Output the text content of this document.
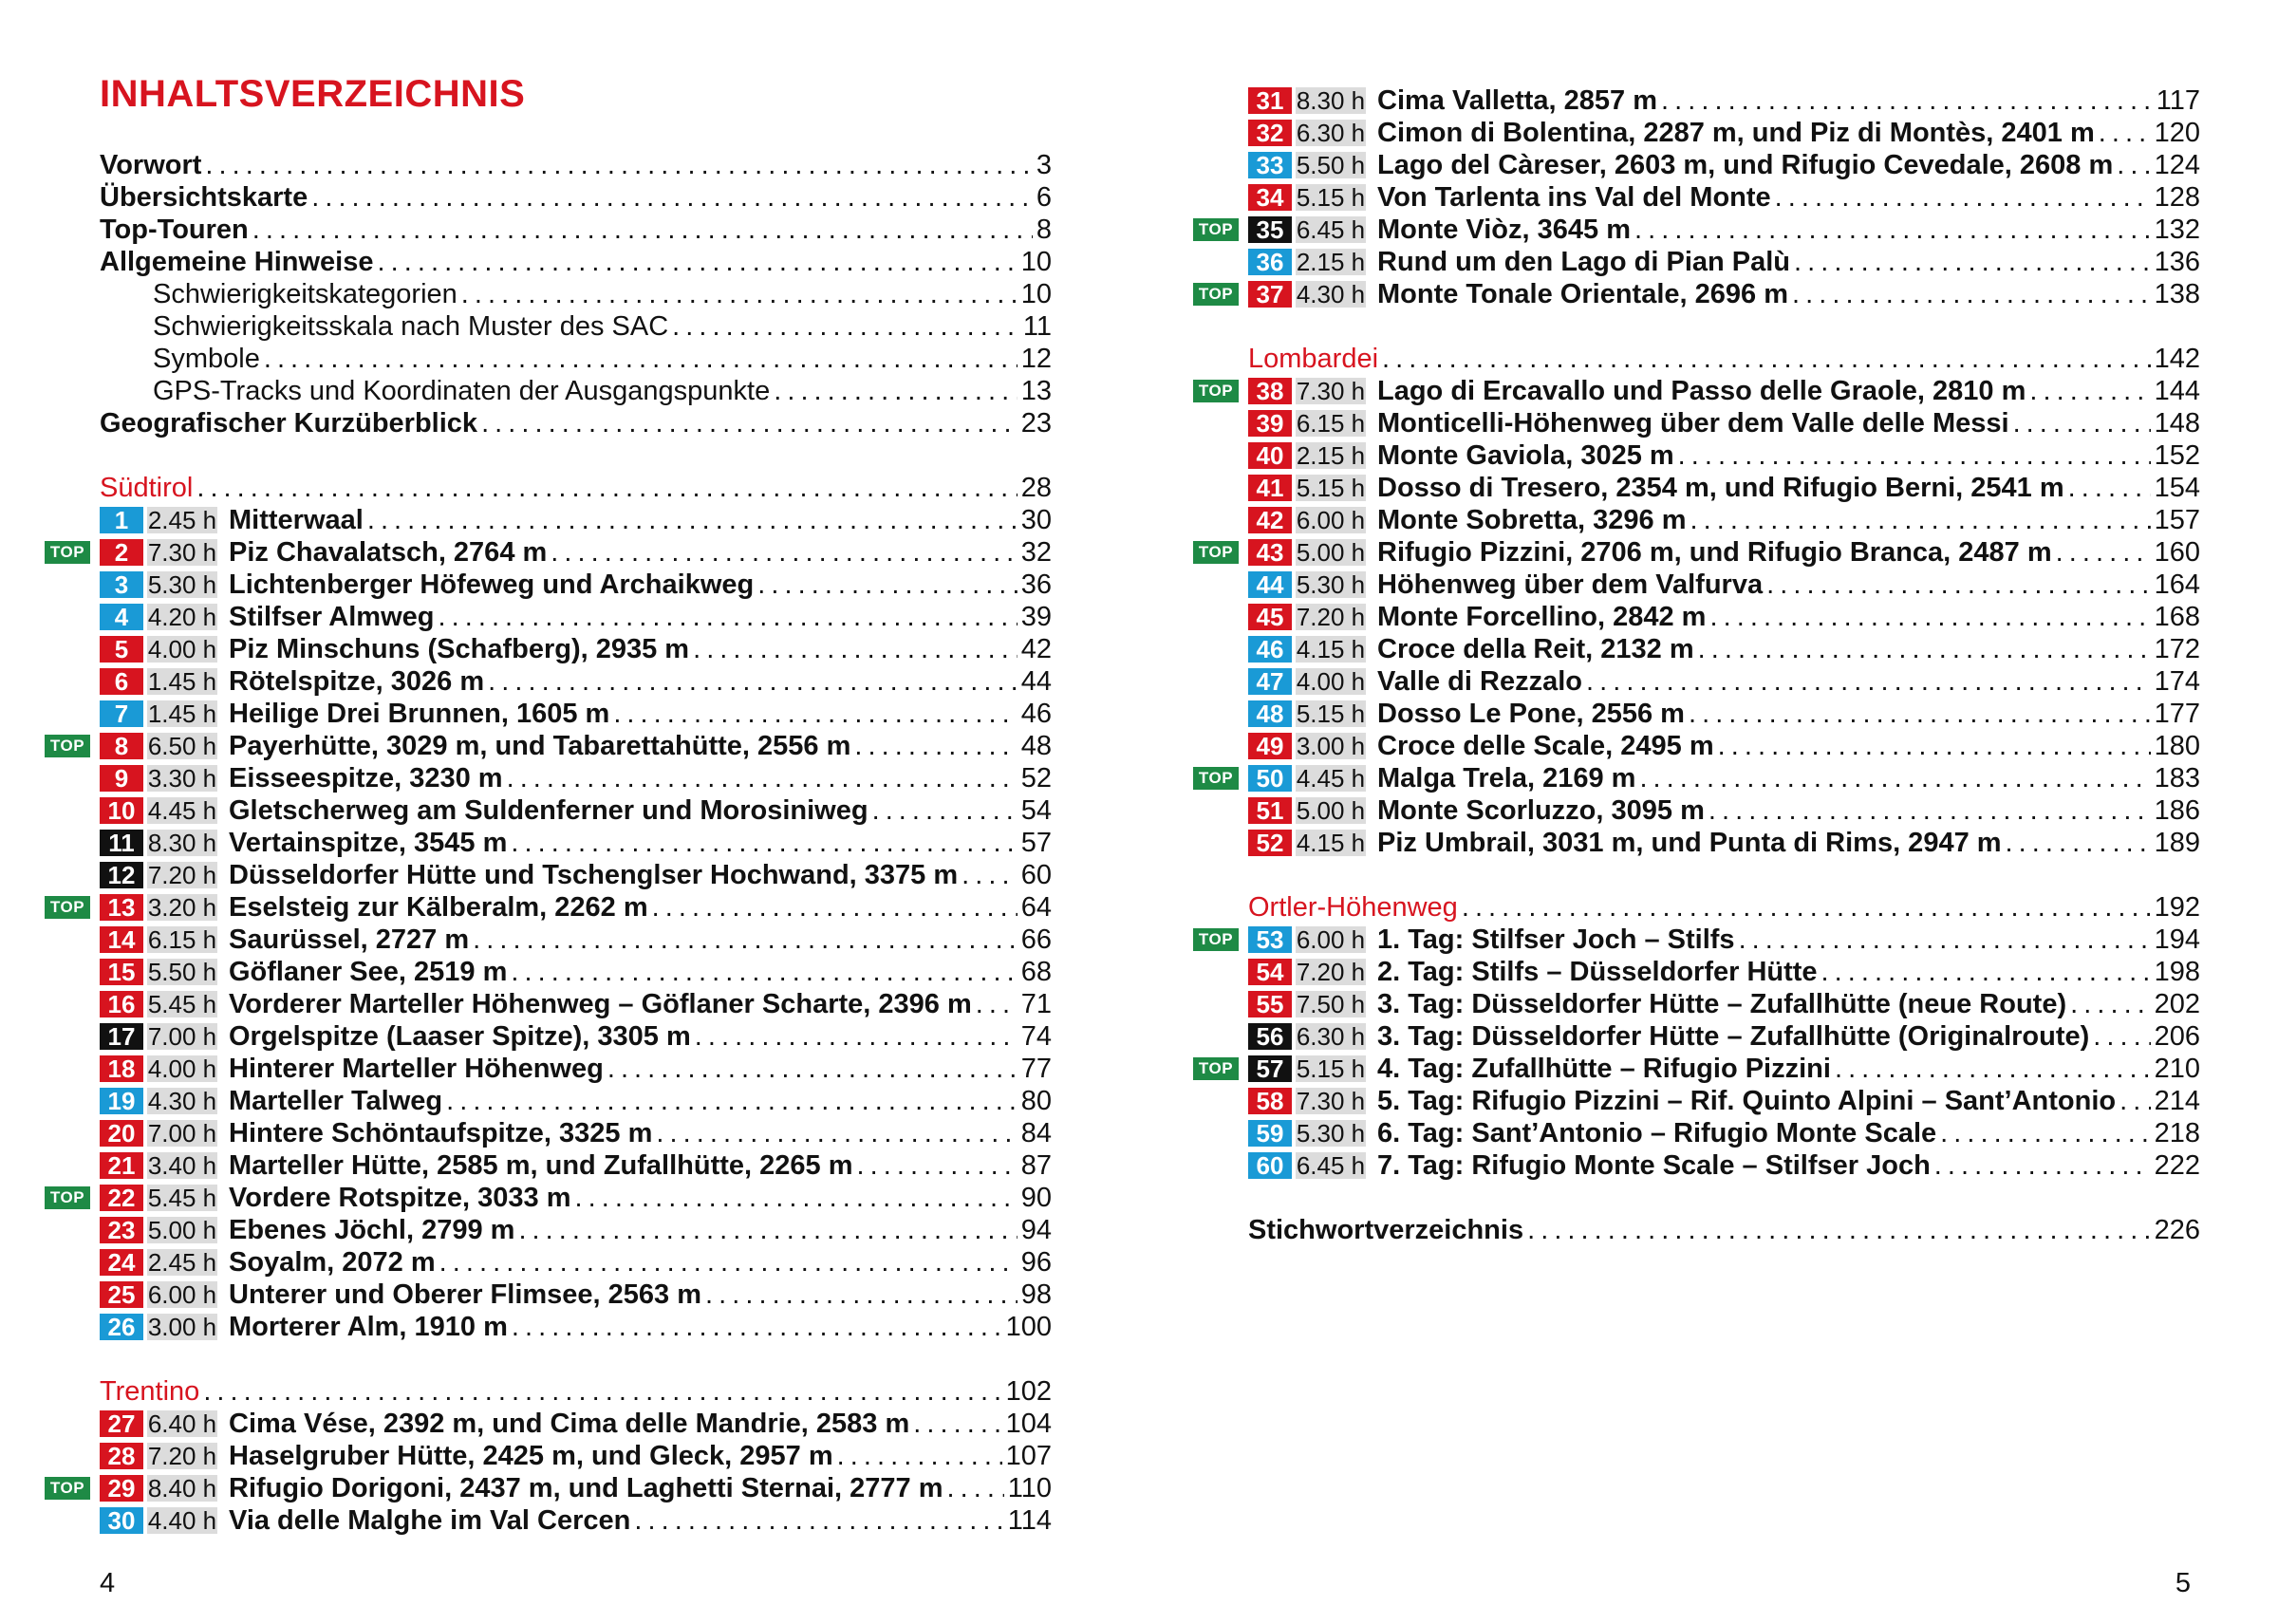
INHALTSVERZEICHNIS
Vorwort . . .	3
Übersichtskarte . . .	6
Top-Touren . . .	8
Allgemeine Hinweise . . .	10
Schwierigkeitskategorien . . .	10
Schwierigkeitsskala nach Muster des SAC . . .	11
Symbole . . .	12
GPS-Tracks und Koordinaten der Ausgangspunkte . . .	13
Geografischer Kurzüberblick . . .	23
Südtirol . . .	28
1 2.45 h Mitterwaal . . .	30
TOP	2 7.30 h Piz Chavalatsch, 2764 m . . .	32
3 5.30 h Lichtenberger Höfeweg und Archaikweg . . .	36
4 4.20 h Stilfser Almweg . . .	39
5 4.00 h Piz Minschuns (Schafberg), 2935 m . . .	42
6 1.45 h Rötelspitze, 3026 m . . .	44
7 1.45 h Heilige Drei Brunnen, 1605 m . . .	46
TOP	8 6.50 h Payerhütte, 3029 m, und Tabarettahütte, 2556 m . . .	48
9 3.30 h Eisseespitze, 3230 m . . .	52
10 4.45 h Gletscherweg am Suldenferner und Morosiniweg . . .	54
11 8.30 h Vertainspitze, 3545 m . . .	57
12 7.20 h Düsseldorfer Hütte und Tschenglser Hochwand, 3375 m . . . 60
TOP 13 3.20 h Eselsteig zur Kälberalm, 2262 m . . .	64
14 6.15 h Saurüssel, 2727 m . . .	66
15 5.50 h Göflaner See, 2519 m . . .	68
16 5.45 h Vorderer Marteller Höhenweg – Göflaner Scharte, 2396 m . . . 71
17 7.00 h Orgelspitze (Laaser Spitze), 3305 m . . .	74
18 4.00 h Hinterer Marteller Höhenweg . . .	77
19 4.30 h Marteller Talweg . . .	80
20 7.00 h Hintere Schöntaufspitze, 3325 m . . .	84
21 3.40 h Marteller Hütte, 2585 m, und Zufallhütte, 2265 m . . .	87
TOP 22 5.45 h Vordere Rotspitze, 3033 m . . .	90
23 5.00 h Ebenes Jöchl, 2799 m . . .	94
24 2.45 h Soyalm, 2072 m . . .	96
25 6.00 h Unterer und Oberer Flimsee, 2563 m . . .	98
26 3.00 h Morterer Alm, 1910 m . . .	100
Trentino . . .	102
27 6.40 h Cima Vése, 2392 m, und Cima delle Mandrie, 2583 m . . .	104
28 7.20 h Haselgruber Hütte, 2425 m, und Gleck, 2957 m . . .	107
TOP 29 8.40 h Rifugio Dorigoni, 2437 m, und Laghetti Sternai, 2777 m . . . 110
30 4.40 h Via delle Malghe im Val Cercen . . .	114
4	5
31 8.30 h Cima Valletta, 2857 m . . .	117
32 6.30 h Cimon di Bolentina, 2287 m, und Piz di Montès, 2401 m . . . 120
33 5.50 h Lago del Càreser, 2603 m, und Rifugio Cevedale, 2608 m . . . 124
34 5.15 h Von Tarlenta ins Val del Monte . . .	128
TOP 35 6.45 h Monte Viòz, 3645 m . . .	132
36 2.15 h Rund um den Lago di Pian Palù . . .	136
TOP 37 4.30 h Monte Tonale Orientale, 2696 m . . .	138
Lombardei . . .	142
TOP 38 7.30 h Lago di Ercavallo und Passo delle Graole, 2810 m . . .	144
39 6.15 h Monticelli-Höhenweg über dem Valle delle Messi . . .	148
40 2.15 h Monte Gaviola, 3025 m . . .	152
41 5.15 h Dosso di Tresero, 2354 m, und Rifugio Berni, 2541 m . . .	154
42 6.00 h Monte Sobretta, 3296 m . . .	157
TOP 43 5.00 h Rifugio Pizzini, 2706 m, und Rifugio Branca, 2487 m . . .	160
44 5.30 h Höhenweg über dem Valfurva . . .	164
45 7.20 h Monte Forcellino, 2842 m . . .	168
46 4.15 h Croce della Reit, 2132 m . . .	172
47 4.00 h Valle di Rezzalo . . .	174
48 5.15 h Dosso Le Pone, 2556 m . . .	177
49 3.00 h Croce delle Scale, 2495 m . . .	180
TOP 50 4.45 h Malga Trela, 2169 m . . .	183
51 5.00 h Monte Scorluzzo, 3095 m . . .	186
52 4.15 h Piz Umbrail, 3031 m, und Punta di Rims, 2947 m . . .	189
Ortler-Höhenweg . . .	192
TOP 53 6.00 h 1. Tag: Stilfser Joch – Stilfs . . .	194
54 7.20 h 2. Tag: Stilfs – Düsseldorfer Hütte . . .	198
55 7.50 h 3. Tag: Düsseldorfer Hütte – Zufallhütte (neue Route) . . .	202
56 6.30 h 3. Tag: Düsseldorfer Hütte – Zufallhütte (Originalroute) . . . 206
TOP 57 5.15 h 4. Tag: Zufallhütte – Rifugio Pizzini . . .	210
58 7.30 h 5. Tag: Rifugio Pizzini – Rif. Quinto Alpini – Sant’Antonio . . . 214
59 5.30 h 6. Tag: Sant’Antonio – Rifugio Monte Scale . . .	218
60 6.45 h 7. Tag: Rifugio Monte Scale – Stilfser Joch . . .	222
Stichwortverzeichnis . . .	226
